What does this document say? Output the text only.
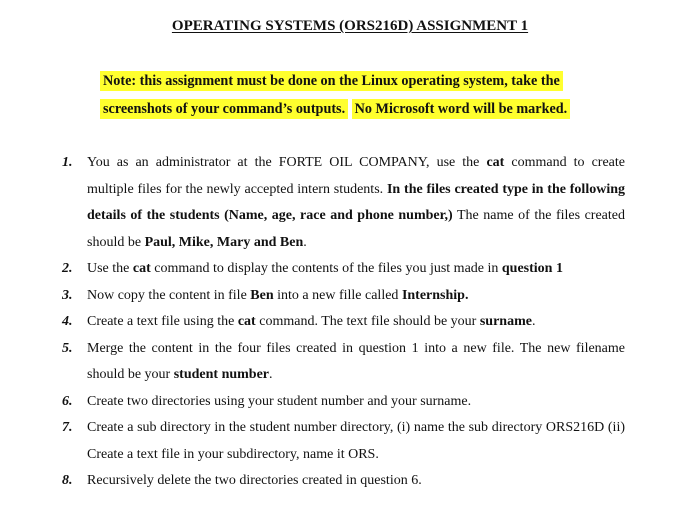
OPERATING SYSTEMS (ORS216D) ASSIGNMENT 1
Note: this assignment must be done on the Linux operating system, take the screenshots of your command’s outputs. No Microsoft word will be marked.
1. You as an administrator at the FORTE OIL COMPANY, use the cat command to create multiple files for the newly accepted intern students. In the files created type in the following details of the students (Name, age, race and phone number,) The name of the files created should be Paul, Mike, Mary and Ben.
2. Use the cat command to display the contents of the files you just made in question 1
3. Now copy the content in file Ben into a new fille called Internship.
4. Create a text file using the cat command. The text file should be your surname.
5. Merge the content in the four files created in question 1 into a new file. The new filename should be your student number.
6. Create two directories using your student number and your surname.
7. Create a sub directory in the student number directory, (i) name the sub directory ORS216D (ii) Create a text file in your subdirectory, name it ORS.
8. Recursively delete the two directories created in question 6.
